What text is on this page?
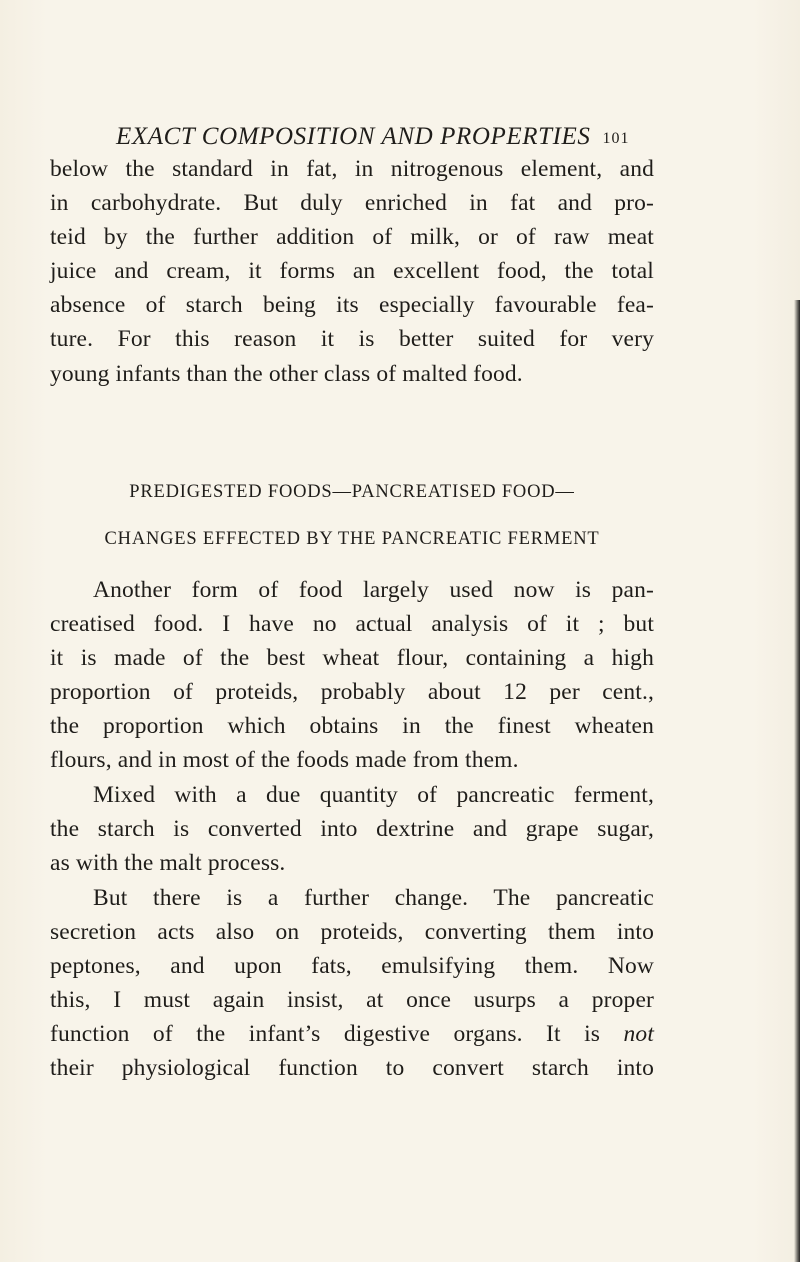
EXACT COMPOSITION AND PROPERTIES 101
below the standard in fat, in nitrogenous element, and
in carbohydrate. But duly enriched in fat and pro-
teid by the further addition of milk, or of raw meat
juice and cream, it forms an excellent food, the total
absence of starch being its especially favourable fea-
ture. For this reason it is better suited for very
young infants than the other class of malted food.
PREDIGESTED FOODS—PANCREATISED FOOD—
CHANGES EFFECTED BY THE PANCREATIC FERMENT
Another form of food largely used now is pan-
creatised food. I have no actual analysis of it ; but
it is made of the best wheat flour, containing a high
proportion of proteids, probably about 12 per cent.,
the proportion which obtains in the finest wheaten
flours, and in most of the foods made from them.
Mixed with a due quantity of pancreatic ferment,
the starch is converted into dextrine and grape sugar,
as with the malt process.
But there is a further change. The pancreatic
secretion acts also on proteids, converting them into
peptones, and upon fats, emulsifying them. Now
this, I must again insist, at once usurps a proper
function of the infant’s digestive organs. It is not
their physiological function to convert starch into
